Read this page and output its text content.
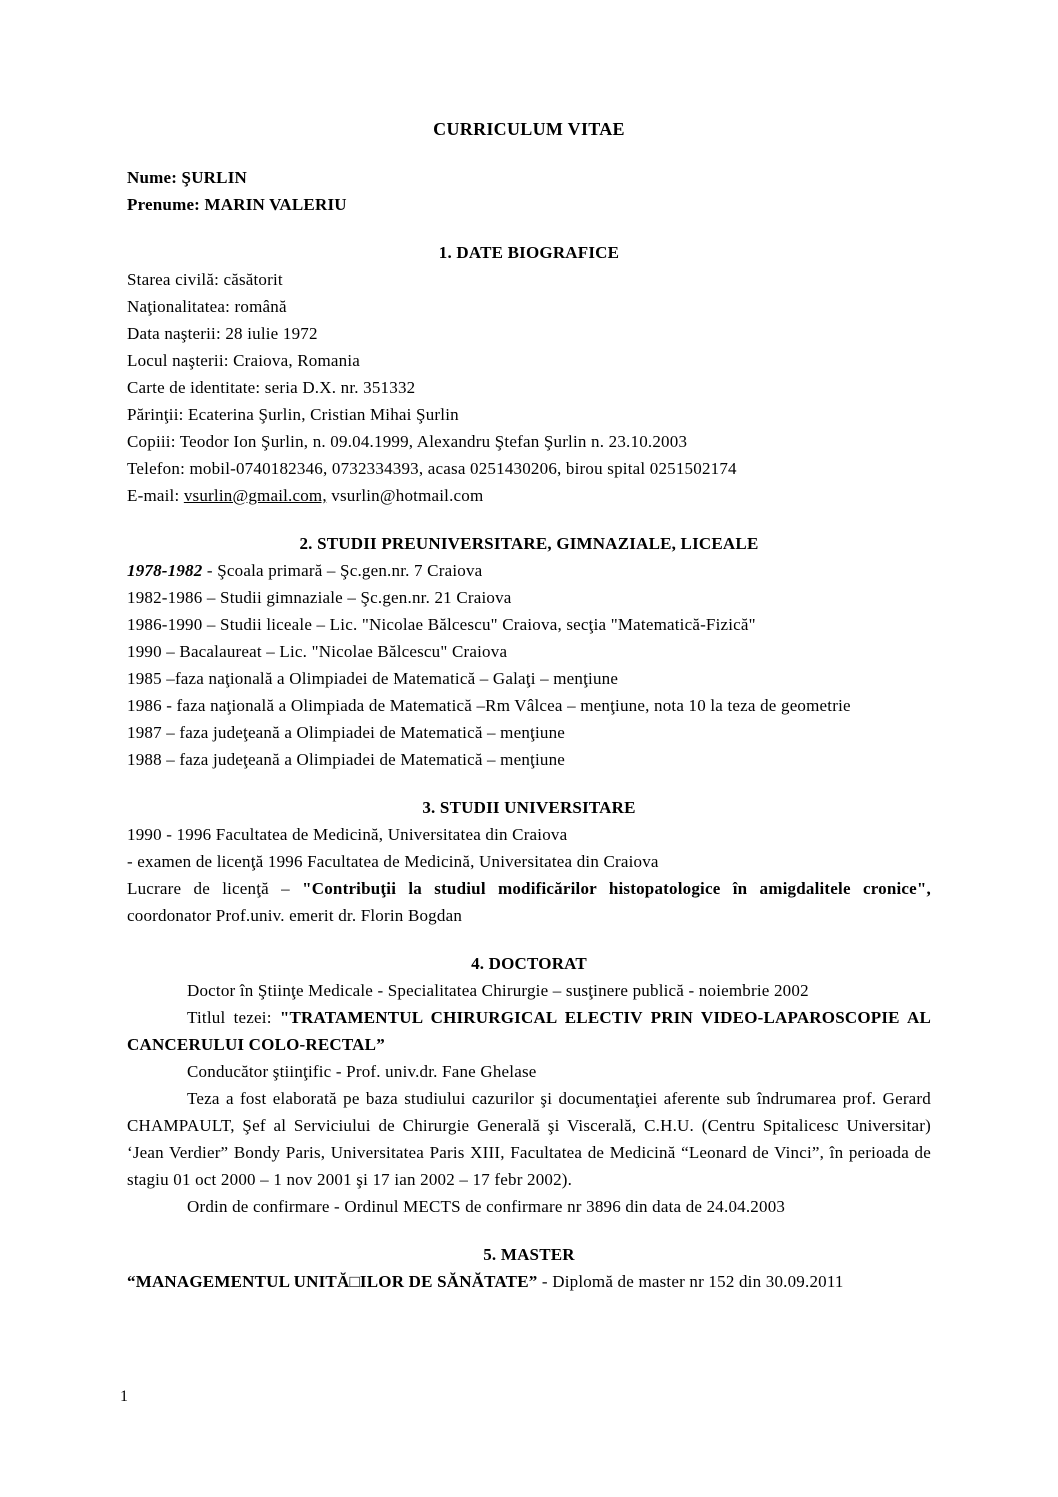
CURRICULUM VITAE
Nume: ŞURLIN
Prenume: MARIN VALERIU
1. DATE BIOGRAFICE
Starea civilă: căsătorit
Naţionalitatea: română
Data naşterii: 28 iulie 1972
Locul naşterii: Craiova, Romania
Carte de identitate: seria D.X. nr. 351332
Părinţii: Ecaterina Şurlin, Cristian Mihai Şurlin
Copiii: Teodor Ion Şurlin, n. 09.04.1999, Alexandru Ştefan Şurlin n. 23.10.2003
Telefon: mobil-0740182346, 0732334393, acasa 0251430206, birou spital 0251502174
E-mail: vsurlin@gmail.com, vsurlin@hotmail.com
2. STUDII PREUNIVERSITARE, GIMNAZIALE, LICEALE
1978-1982 - Şcoala primară – Şc.gen.nr. 7 Craiova
1982-1986 – Studii gimnaziale – Şc.gen.nr. 21 Craiova
1986-1990 – Studii liceale – Lic. "Nicolae Bălcescu" Craiova, secţia "Matematică-Fizică"
1990 – Bacalaureat – Lic. "Nicolae Bălcescu" Craiova
1985 –faza naţională a Olimpiadei de Matematică – Galaţi – menţiune
1986 - faza naţională a Olimpiada de Matematică –Rm Vâlcea – menţiune, nota 10 la teza de geometrie
1987 – faza judeţeană a Olimpiadei de Matematică – menţiune
1988 – faza judeţeană a Olimpiadei de Matematică – menţiune
3. STUDII UNIVERSITARE
1990 - 1996 Facultatea de Medicină, Universitatea din Craiova
- examen de licenţă 1996 Facultatea de Medicină, Universitatea din Craiova
Lucrare de licenţă – "Contribuţii la studiul modificărilor histopatologice în amigdalitele cronice", coordonator Prof.univ. emerit dr. Florin Bogdan
4. DOCTORAT
Doctor în Ştiinţe Medicale - Specialitatea Chirurgie – susţinere publică - noiembrie 2002
Titlul tezei: "TRATAMENTUL CHIRURGICAL ELECTIV PRIN VIDEO-LAPAROSCOPIE AL CANCERULUI COLO-RECTAL”
Conducător ştiinţific - Prof. univ.dr. Fane Ghelase
Teza a fost elaborată pe baza studiului cazurilor şi documentaţiei aferente sub îndrumarea prof. Gerard CHAMPAULT, Şef al Serviciului de Chirurgie Generală şi Viscerală, C.H.U. (Centru Spitalicesc Universitar) ‘Jean Verdier” Bondy Paris, Universitatea Paris XIII, Facultatea de Medicină “Leonard de Vinci”, în perioada de stagiu 01 oct 2000 – 1 nov 2001 şi 17 ian 2002 – 17 febr 2002).
Ordin de confirmare - Ordinul MECTS de confirmare nr 3896 din data de 24.04.2003
5. MASTER
“MANAGEMENTUL UNITĂ□ILOR DE SĂNĂTATE” - Diplomă de master nr 152 din 30.09.2011
1
